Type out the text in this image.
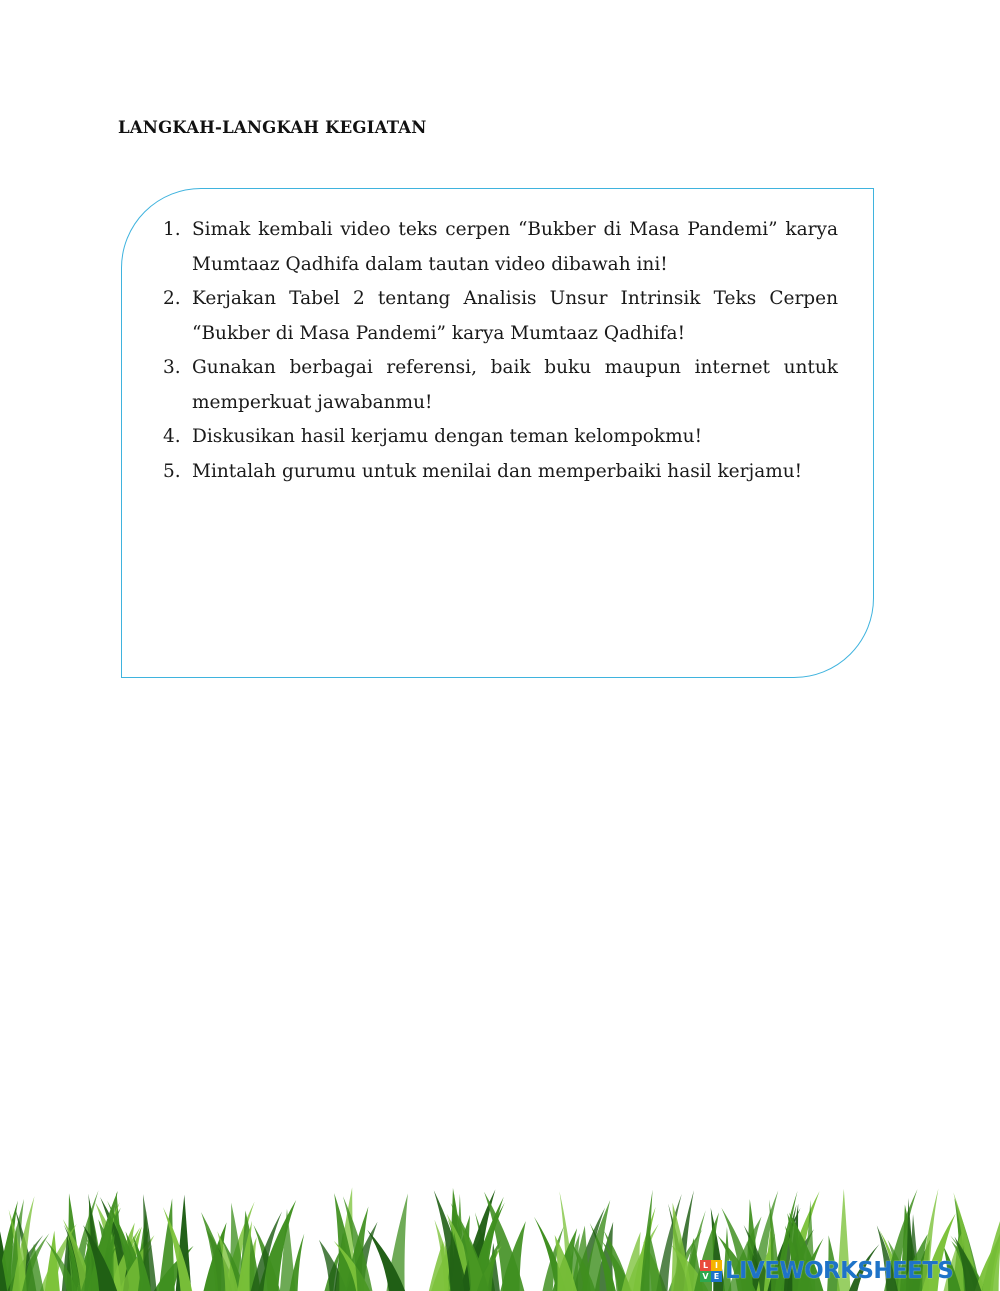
LANGKAH-LANGKAH KEGIATAN
1. Simak kembali video teks cerpen “Bukber di Masa Pandemi” karya Mumtaaz Qadhifa dalam tautan video dibawah ini!
2. Kerjakan Tabel 2 tentang Analisis Unsur Intrinsik Teks Cerpen “Bukber di Masa Pandemi” karya Mumtaaz Qadhifa!
3. Gunakan berbagai referensi, baik buku maupun internet untuk memperkuat jawabanmu!
4. Diskusikan hasil kerjamu dengan teman kelompokmu!
5. Mintalah gurumu untuk menilai dan memperbaiki hasil kerjamu!
L I
V E LIVEWORKSHEETS
